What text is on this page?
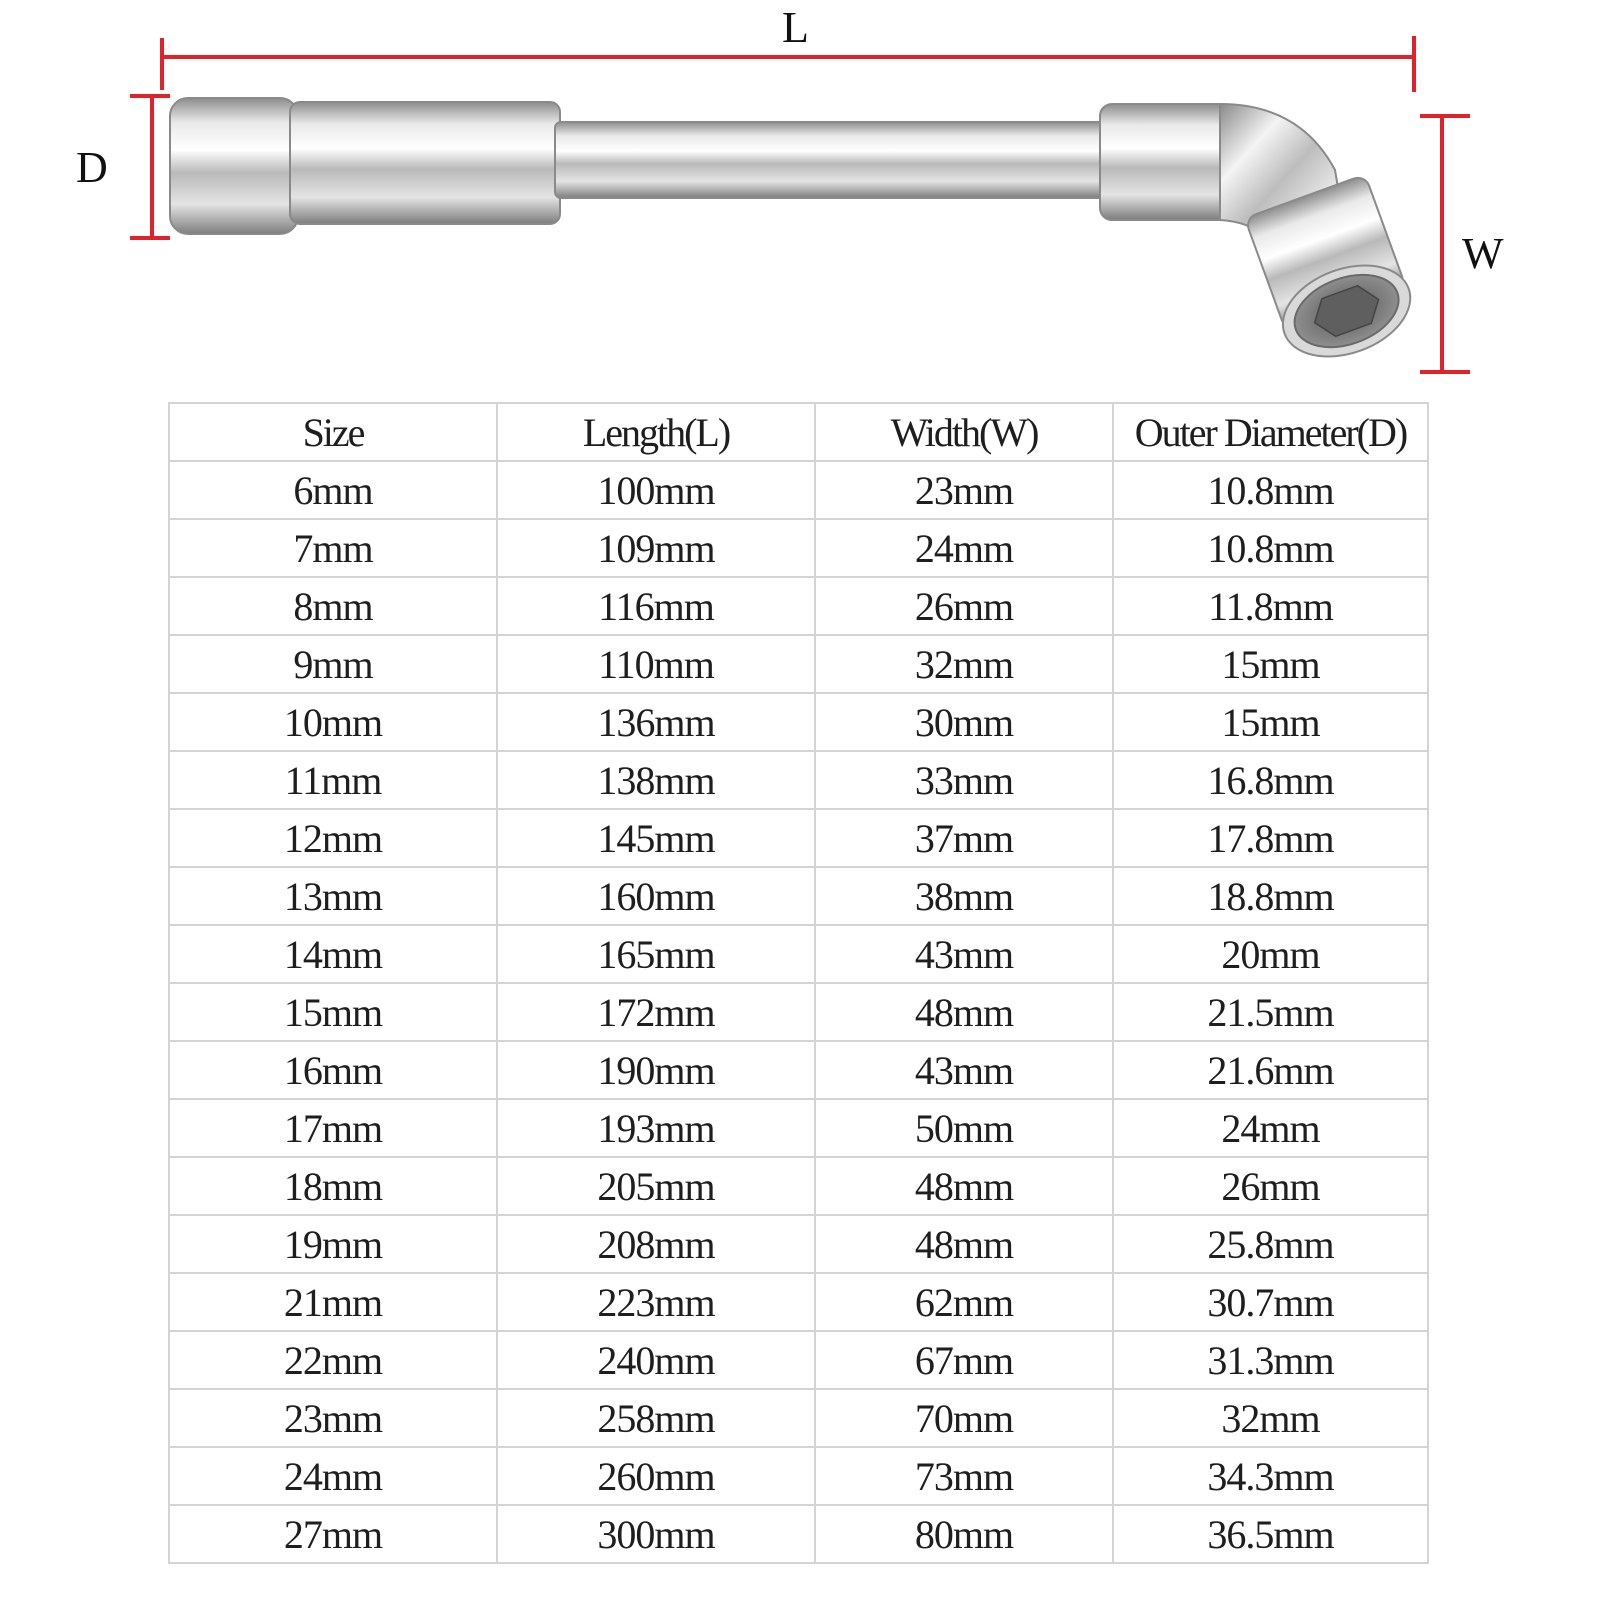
L
D
W
Size	Length(L)	Width(W)	Outer Diameter(D)
6mm	100mm	23mm	10.8mm
7mm	109mm	24mm	10.8mm
8mm	116mm	26mm	11.8mm
9mm	110mm	32mm	15mm
10mm	136mm	30mm	15mm
11mm	138mm	33mm	16.8mm
12mm	145mm	37mm	17.8mm
13mm	160mm	38mm	18.8mm
14mm	165mm	43mm	20mm
15mm	172mm	48mm	21.5mm
16mm	190mm	43mm	21.6mm
17mm	193mm	50mm	24mm
18mm	205mm	48mm	26mm
19mm	208mm	48mm	25.8mm
21mm	223mm	62mm	30.7mm
22mm	240mm	67mm	31.3mm
23mm	258mm	70mm	32mm
24mm	260mm	73mm	34.3mm
27mm	300mm	80mm	36.5mm
